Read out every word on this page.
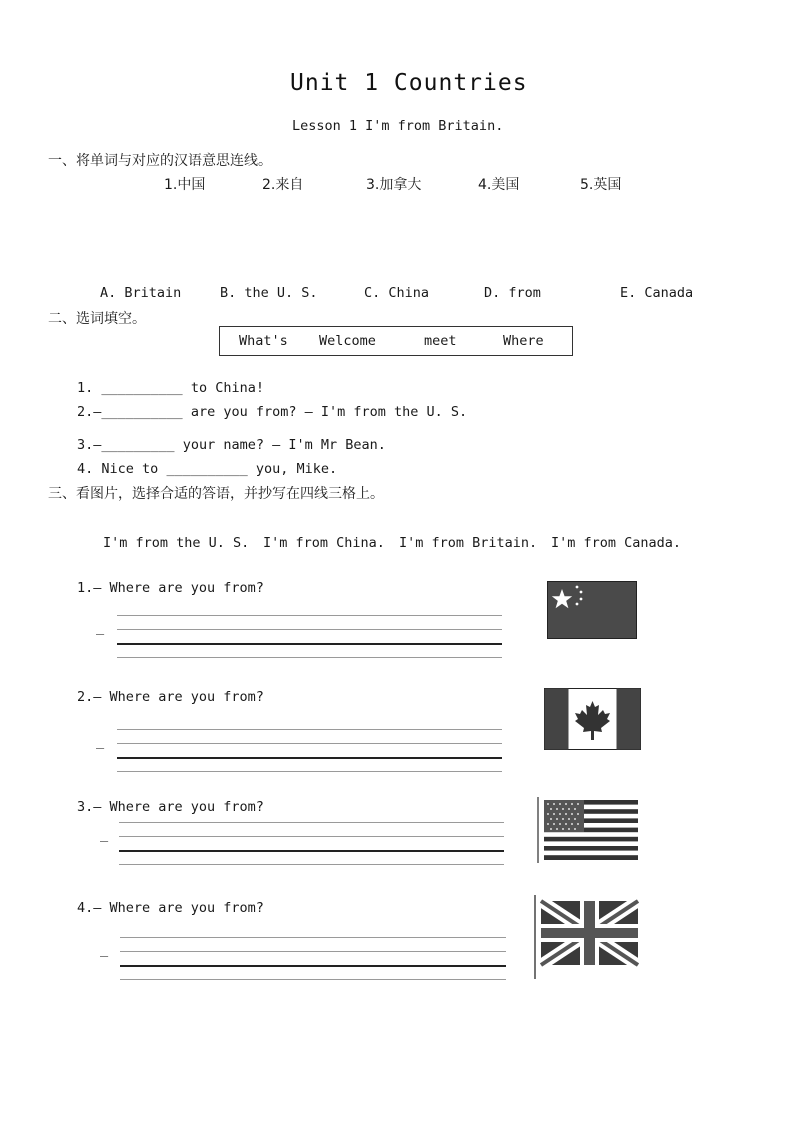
Unit 1 Countries
Lesson 1 I'm from Britain.
一、将单词与对应的汉语意思连线。
1.中国	2.来自	3.加拿大	4.美国	5.英国
A. Britain	B. the U. S.	C. China	D. from	E. Canada
二、选词填空。
What's Welcome	meet	Where
1. __________ to China!
2.—__________ are you from? — I'm from the U. S.
3.—_________ your name? — I'm Mr Bean.
4. Nice to __________ you, Mike.
三、看图片，选择合适的答语，并抄写在四线三格上。
I'm from the U. S. I'm from China. I'm from Britain. I'm from Canada.
1.— Where are you from?
—
2.— Where are you from?
—
3.— Where are you from?
—
4.— Where are you from?
—
